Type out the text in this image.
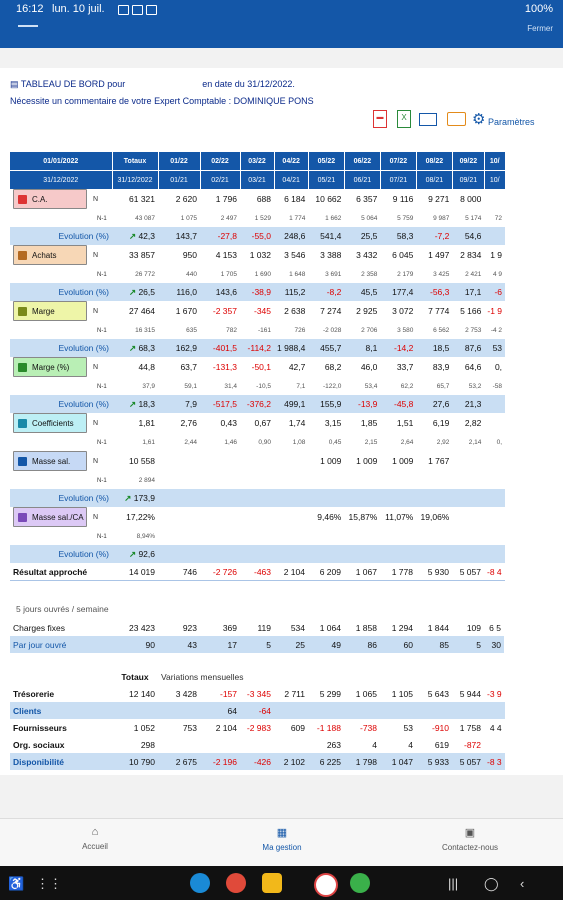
16:12 lun. 10 juil.	100%
Fermer
▤ TABLEAU DE BORD pour	en date du 31/12/2022.
Nécessite un commentaire de votre Expert Comptable : DOMINIQUE PONS
▬	X	⚙ Paramètres
01/01/2022	Totaux	01/22	02/22	03/22	04/22	05/22	06/22	07/22	08/22	09/22	10/
31/12/2022	31/12/2022	01/21	02/21	03/21	04/21	05/21	06/21	07/21	08/21	09/21	10/

C.A. N	61 321	2 620	1 796	688	6 184	10 662	6 357	9 116	9 271	8 000	
N-1	43 087	1 075	2 497	1 529	1 774	1 662	5 064	5 759	9 987	5 174	72
Evolution (%)	↗ 42,3	143,7	-27,8	-55,0	248,6	541,4	25,5	58,3	-7,2	54,6	

Achats N	33 857	950	4 153	1 032	3 546	3 388	3 432	6 045	1 497	2 834	1 9
N-1	26 772	440	1 705	1 690	1 648	3 691	2 358	2 179	3 425	2 421	4 9
Evolution (%)	↗ 26,5	116,0	143,6	-38,9	115,2	-8,2	45,5	177,4	-56,3	17,1	-6

Marge N	27 464	1 670	-2 357	-345	2 638	7 274	2 925	3 072	7 774	5 166	-1 9
N-1	16 315	635	782	-161	726	-2 028	2 706	3 580	6 562	2 753	-4 2
Evolution (%)	↗ 68,3	162,9	-401,5	-114,2	1 988,4	455,7	8,1	-14,2	18,5	87,6	53

Marge (%) N	44,8	63,7	-131,3	-50,1	42,7	68,2	46,0	33,7	83,9	64,6	0,
N-1	37,9	59,1	31,4	-10,5	7,1	-122,0	53,4	62,2	65,7	53,2	-58
Evolution (%)	↗ 18,3	7,9	-517,5	-376,2	499,1	155,9	-13,9	-45,8	27,6	21,3	

Coefficients N	1,81	2,76	0,43	0,67	1,74	3,15	1,85	1,51	6,19	2,82	
N-1	1,61	2,44	1,46	0,90	1,08	0,45	2,15	2,64	2,92	2,14	0,

Masse sal. N	10 558					1 009	1 009	1 009	1 767		
N-1	2 894										
Evolution (%)	↗ 173,9										

Masse sal./CA N	17,22%					9,46%	15,87%	11,07%	19,06%		
N-1	8,94%										
Evolution (%)	↗ 92,6										
Résultat approché	14 019	746	-2 726	-463	2 104	6 209	1 067	1 778	5 930	5 057	-8 4
5 jours ouvrés / semaine
Charges fixes	23 423	923	369	119	534	1 064	1 858	1 294	1 844	109	6 5
Par jour ouvré	90	43	17	5	25	49	86	60	85	5	30
	Totaux	Variations mensuelles									
Trésorerie	12 140	3 428	-157	-3 345	2 711	5 299	1 065	1 105	5 643	5 944	-3 9
Clients			64	-64							
Fournisseurs	1 052	753	2 104	-2 983	609	-1 188	-738	53	-910	1 758	4 4
Org. sociaux	298					263	4	4	619	-872	
Disponibilité	10 790	2 675	-2 196	-426	2 102	6 225	1 798	1 047	5 933	5 057	-8 3
⌂
Accueil
▦
Ma gestion
▣
Contactez-nous
♿ ⋮⋮	||| ◯ ‹
